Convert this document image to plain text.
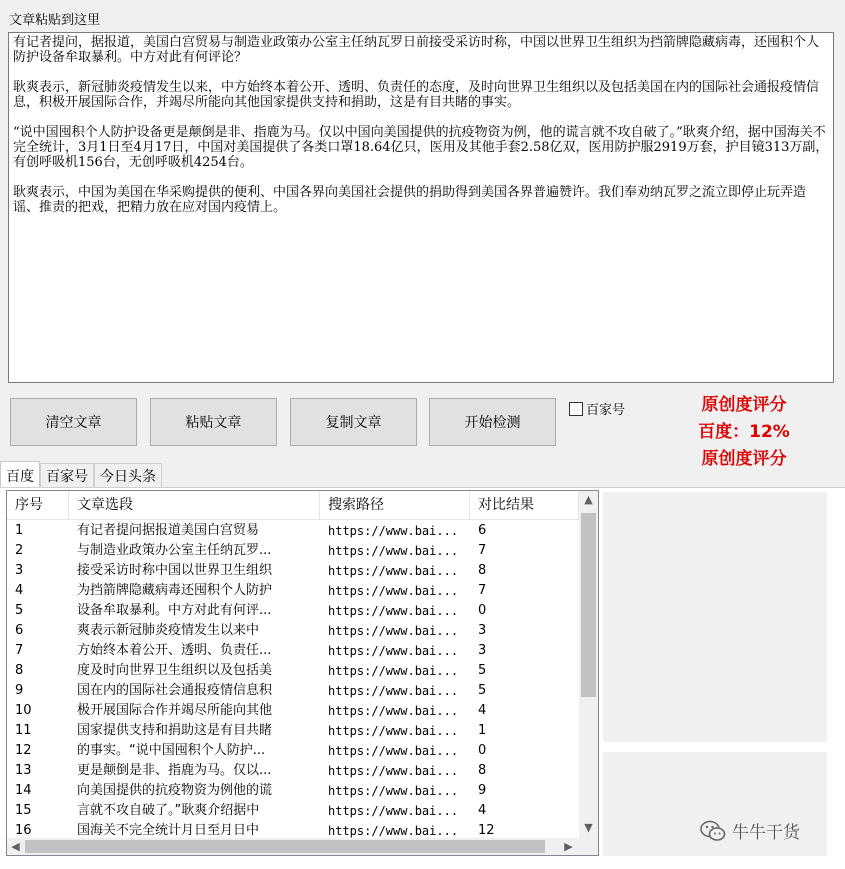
文章粘贴到这里

有记者提问，据报道，美国白宫贸易与制造业政策办公室主任纳瓦罗日前接受采访时称，中国以世界卫生组织为挡箭牌隐藏病毒，还囤积个人防护设备牟取暴利。中方对此有何评论？

耿爽表示，新冠肺炎疫情发生以来，中方始终本着公开、透明、负责任的态度，及时向世界卫生组织以及包括美国在内的国际社会通报疫情信息，积极开展国际合作，并竭尽所能向其他国家提供支持和捐助，这是有目共睹的事实。

“说中国囤积个人防护设备更是颠倒是非、指鹿为马。仅以中国向美国提供的抗疫物资为例，他的谎言就不攻自破了。”耿爽介绍，据中国海关不完全统计，3月1日至4月17日，中国对美国提供了各类口罩18.64亿只，医用及其他手套2.58亿双，医用防护服2919万套，护目镜313万副，有创呼吸机156台，无创呼吸机4254台。

耿爽表示，中国为美国在华采购提供的便利、中国各界向美国社会提供的捐助得到美国各界普遍赞许。我们奉劝纳瓦罗之流立即停止玩弄造谣、推责的把戏，把精力放在应对国内疫情上。

清空文章	粘贴文章	复制文章	开始检测
百家号	原创度评分
百度：12%
原创度评分
百度 百家号 今日头条
序号	文章选段	搜索路径	对比结果
1	有记者提问据报道美国白宫贸易	https://www.bai...	6
2	与制造业政策办公室主任纳瓦罗...	https://www.bai...	7
3	接受采访时称中国以世界卫生组织	https://www.bai...	8
4	为挡箭牌隐藏病毒还囤积个人防护	https://www.bai...	7
5	设备牟取暴利。中方对此有何评...	https://www.bai...	0
6	爽表示新冠肺炎疫情发生以来中	https://www.bai...	3
7	方始终本着公开、透明、负责任...	https://www.bai...	3
8	度及时向世界卫生组织以及包括美	https://www.bai...	5
9	国在内的国际社会通报疫情信息积	https://www.bai...	5
10	极开展国际合作并竭尽所能向其他	https://www.bai...	4
11	国家提供支持和捐助这是有目共睹	https://www.bai...	1
12	的事实。“说中国囤积个人防护...	https://www.bai...	0
13	更是颠倒是非、指鹿为马。仅以...	https://www.bai...	8
14	向美国提供的抗疫物资为例他的谎	https://www.bai...	9
15	言就不攻自破了。”耿爽介绍据中	https://www.bai...	4
16	国海关不完全统计月日至月日中	https://www.bai...	12
▲
▼
◀	▶
牛牛干货
